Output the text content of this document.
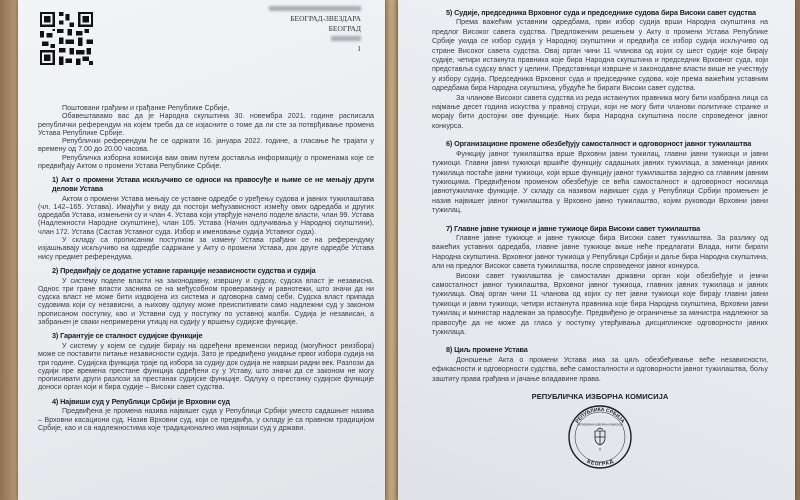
БЕОГРАД-ЗВЕЗДАРА
БЕОГРАД
1

Поштовани грађани и грађанке Републике Србије,

Обавештавамо вас да је Народна скупштина 30. новембра 2021. године расписала републички референдум на којем треба да се изјасните о томе да ли сте за потврђивање промена Устава Републике Србије.

Републички референдум ће се одржати 16. јануара 2022. године, а гласање ће трајати у времену од 7.00 до 20.00 часова.

Републичка изборна комисија вам овим путем доставља информацију о променама које се предвиђају Актом о промени Устава Републике Србије.

1) Акт о промени Устава искључиво се односи на правосуђе и њиме се не мењају други делови Устава

Актом о промени Устава мењају се уставне одредбе о уређењу судова и јавних тужилаштава (чл. 142–165. Устава). Имајући у виду да постоји међузависност између ових одредаба и других одредаба Устава, измењени су и члан 4. Устава који утврђује начело поделе власти, члан 99. Устава (Надлежности Народне скупштине), члан 105. Устава (Начин одлучивања у Народној скупштини), члан 172. Устава (Састав Уставног суда. Избор и именовање судија Уставног суда).

У складу са прописаним поступком за измену Устава грађани се на референдуму изјашњавају искључиво на одредбе садржане у Акту о промени Устава, док друге одредбе Устава нису предмет референдума.

2) Предвиђају се додатне уставне гаранције независности судства и судија

У систему поделе власти на законодавну, извршну и судску, судска власт је независна. Однос три гране власти заснива се на међусобном провераванју и равнотежи, што значи да ни судска власт не може бити издвојена из система и одговорна самој себи. Судска власт припада судовима који су независни, а њихову одлуку може преиспитивати само надлежни суд у законом прописаном поступку, као и Уставни суд у поступку по уставној жалби. Судија је независан, а забрањен је сваки непримерени утицај на судију у вршењу судијске функције.

3) Гарантује се сталност судијске функције

У систему у којем се судије бирају на одређени временски период (могућност реизбора) може се поставити питање независности судија. Зато је предвиђено укидање првог избора судија на три године. Судијска функција траје од избора за судију док судија не наврши радни век. Разлози да судији пре времена престане функција одређени су у Уставу, што значи да се законом не могу прописивати други разлози за престанак судијске функције. Одлуку о престанку судијске функције доноси орган који и бира судије – Високи савет судства.

4) Највиши суд у Републици Србији је Врховни суд

Предвиђена је промена назива највишег суда у Републици Србији уместо садашњег назива – Врховни касациони суд. Назив Врховни суд, који се предвиђа, у складу је са правном традицијом Србије, као и са надлежностима које традиционално има највиши суд у држави.

5) Судије, председника Врховног суда и председнике судова бира Високи савет судства

Према важећим уставним одредбама, први избор судија врши Народна скупштина на предлог Високог савета судства. Предложеним решењем у Акту о промени Устава Републике Србије укида се избор судија у Народној скупштини и предвиђа се избор судија искључиво од стране Високог савета судства. Овај орган чини 11 чланова од којих су шест судије које бирају судије, четири истакнута правника које бира Народна скупштина и председник Врховног суда, који представља судску власт у целини. Представници извршне и законодавне власти више не учествују у избору судија. Председника Врховног суда и председнике судова, које према важећим уставним одредбама бира Народна скупштина, убудуће ће бирати Високи савет судства.

За чланове Високог савета судства из реда истакнутих правника могу бити изабрана лица са најмање десет година искуства у правној струци, који не могу бити чланови политичке странке и морају бити достојни ове функције. Њих бира Народна скупштина после спроведеног јавног конкурса.

6) Организационе промене обезбеђују самосталност и одговорност јавног тужилаштва

Функцију јавног тужилаштва врше Врховни јавни тужилац, главни јавни тужиоци и јавни тужиоци. Главни јавни тужиоци вршиће функцију садашњих јавних тужилаца, а заменици јавних тужилаца постаће јавни тужиоци, који врше функцију јавног тужилаштва заједно са главним јавним тужиоцима. Предвиђеном променом обезбеђује се већа самосталност и одговорност носилаца јавнотужилачке функције. У складу са називом највишег суда у Републици Србији промењен је назив највишег јавног тужилаштва у Врховно јавно тужилаштво, којим руководи Врховни јавни тужилац.

7) Главне јавне тужиоце и јавне тужиоце бира Високи савет тужилаштва

Главне јавне тужиоце и јавне тужиоце бира Високи савет тужилаштва. За разлику од важећих уставних одредаба, главне јавне тужиоце више неће предлагати Влада, нити бирати Народна скупштина. Врховног јавног тужиоца у Републици Србији и даље бира Народна скупштина, али на предлог Високог савета тужилаштва, после спроведеног јавног конкурса.

Високи савет тужилаштва је самосталан државни орган који обезбеђује и јемчи самосталност јавног тужилаштва, Врховног јавног тужиоца, главних јавних тужилаца и јавних тужилаца. Овај орган чини 11 чланова од којих су пет јавни тужиоци које бирају главни јавни тужиоци и јавни тужиоци, четири истакнута правника које бира Народна скупштина, Врховни јавни тужилац и министар надлежан за правосуђе. Предвиђено је ограничење за министра надлежног за правосуђе да не може да гласа у поступку утврђивања дисциплинске одговорности јавних тужилаца.

8) Циљ промене Устава

Доношење Акта о промени Устава има за циљ обезбеђивање веће независности, ефикасности и одговорности судства, веће самосталности и одговорности јавног тужилаштва, бољу заштиту права грађана и јачање владавине права.

РЕПУБЛИЧКА ИЗБОРНА КОМИСИЈА
РЕПУБЛИКА СРБИЈА
РЕПУБЛИЧКА ИЗБОРНА КОМИСИЈА
II
БЕОГРАД
